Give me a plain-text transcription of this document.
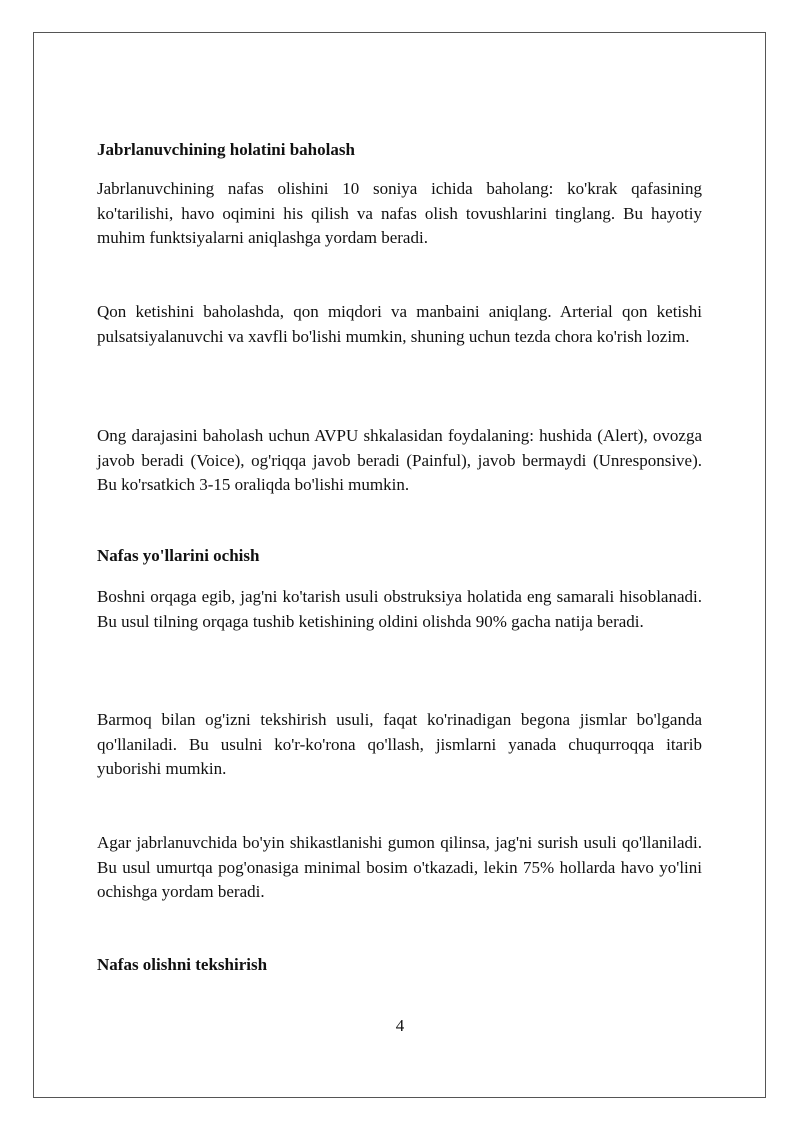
Jabrlanuvchining holatini baholash

Jabrlanuvchining nafas olishini 10 soniya ichida baholang: ko'krak qafasining ko'tarilishi, havo oqimini his qilish va nafas olish tovushlarini tinglang. Bu hayotiy muhim funktsiyalarni aniqlashga yordam beradi.

Qon ketishini baholashda, qon miqdori va manbaini aniqlang. Arterial qon ketishi pulsatsiyalanuvchi va xavfli bo'lishi mumkin, shuning uchun tezda chora ko'rish lozim.

Ong darajasini baholash uchun AVPU shkalasidan foydalaning: hushida (Alert), ovozga javob beradi (Voice), og'riqqa javob beradi (Painful), javob bermaydi (Unresponsive). Bu ko'rsatkich 3-15 oraliqda bo'lishi mumkin.

Nafas yo'llarini ochish

Boshni orqaga egib, jag'ni ko'tarish usuli obstruksiya holatida eng samarali hisoblanadi. Bu usul tilning orqaga tushib ketishining oldini olishda 90% gacha natija beradi.

Barmoq bilan og'izni tekshirish usuli, faqat ko'rinadigan begona jismlar bo'lganda qo'llaniladi. Bu usulni ko'r-ko'rona qo'llash, jismlarni yanada chuqurroqqa itarib yuborishi mumkin.

Agar jabrlanuvchida bo'yin shikastlanishi gumon qilinsa, jag'ni surish usuli qo'llaniladi. Bu usul umurtqa pog'onasiga minimal bosim o'tkazadi, lekin 75% hollarda havo yo'lini ochishga yordam beradi.

Nafas olishni tekshirish
4
